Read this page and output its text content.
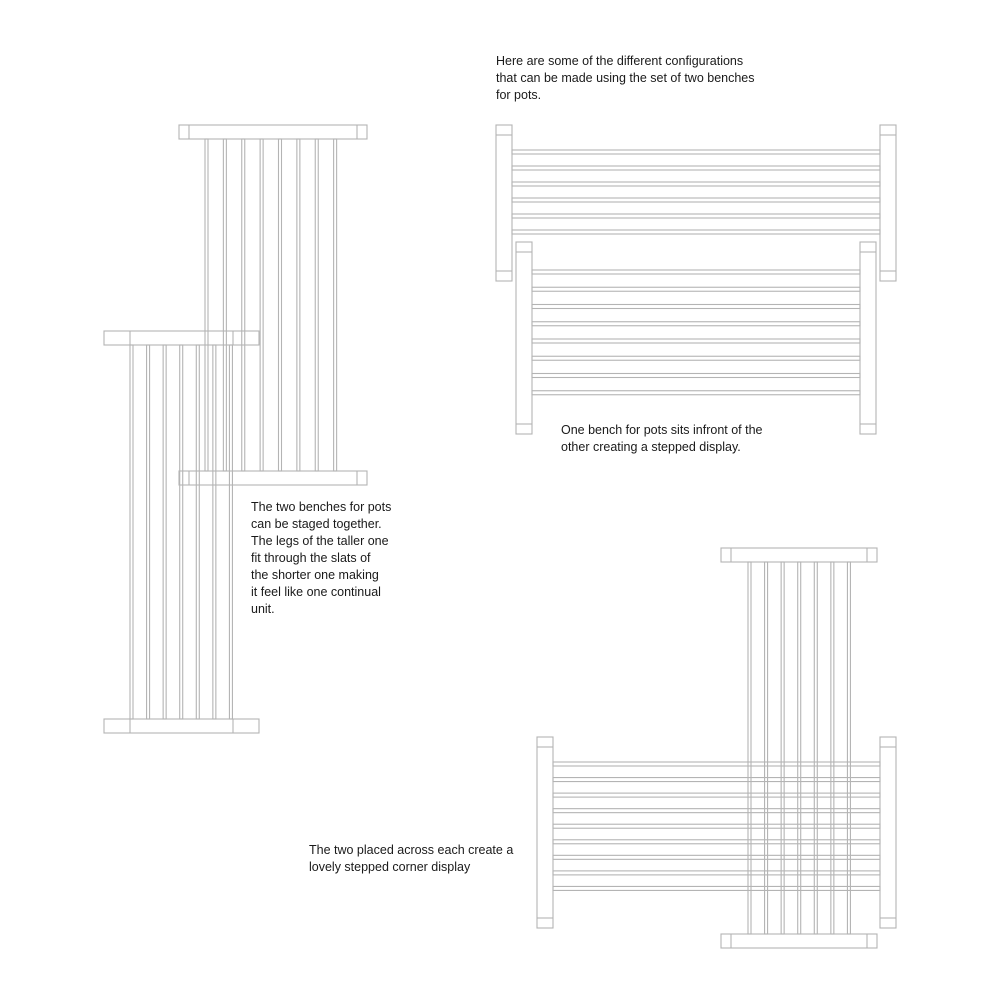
Here are some of the different configurations
that can be made using the set of two benches
for pots.

One bench for pots sits infront of the
other creating a stepped display.

The two benches for pots
can be staged together.
The legs of the taller one
fit through the slats of
the shorter one making
it feel like one continual
unit.

The two placed across each create a
lovely stepped corner display
